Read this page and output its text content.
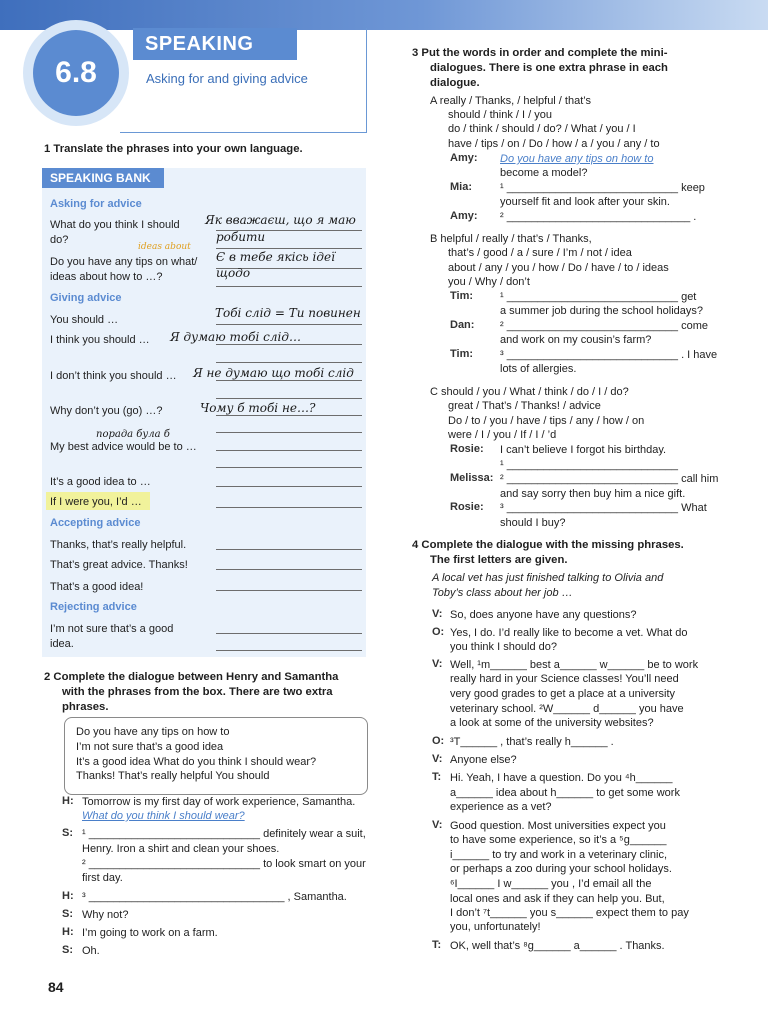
6.8
SPEAKING
Asking for and giving advice
1 Translate the phrases into your own language.
SPEAKING BANK
Asking for advice
What do you think I should
do?
Do you have any tips on what/
ideas about how to …?
Giving advice
You should …
I think you should …
I don’t think you should …
Why don’t you (go) …?
My best advice would be to …
It’s a good idea to …
If I were you, I’d …
Accepting advice
Thanks, that’s really helpful.
That’s great advice. Thanks!
That’s a good idea!
Rejecting advice
I’m not sure that’s a good
idea.
Як вважаєш, що я маю
робити
Є в тебе якісь ідеї
щодо
Тобі слід = Ти повинен
Я думаю тобі слід…
Я не думаю що тобі слід
Чому б тобі не…?
порада була б
ideas about
2 Complete the dialogue between Henry and Samantha
with the phrases from the box. There are two extra
phrases.
Do you have any tips on how to
I’m not sure that’s a good idea
It’s a good idea What do you think I should wear?
Thanks! That’s really helpful You should
H: Tomorrow is my first day of work experience, Samantha.
What do you think I should wear?
S: ¹ ____________________________ definitely wear a suit,
Henry. Iron a shirt and clean your shoes.
² ____________________________ to look smart on your
first day.
H: ³ ________________________________ , Samantha.
S: Why not?
H: I’m going to work on a farm.
S: Oh.
84
3 Put the words in order and complete the mini-
dialogues. There is one extra phrase in each
dialogue.
A really / Thanks, / helpful / that’s
should / think / I / you
do / think / should / do? / What / you / I
have / tips / on / Do / how / a / you / any / to
Amy: Do you have any tips on how to
become a model?
Mia:	¹ ____________________________ keep
yourself fit and look after your skin.
Amy: ² ______________________________ .
B helpful / really / that’s / Thanks,
that’s / good / a / sure / I’m / not / idea
about / any / you / how / Do / have / to / ideas
you / Why / don’t
Tim: ¹ ____________________________ get
a summer job during the school holidays?
Dan: ² ____________________________ come
and work on my cousin’s farm?
Tim: ³ ____________________________ . I have
lots of allergies.
C should / you / What / think / do / I / do?
great / That’s / Thanks! / advice
Do / to / you / have / tips / any / how / on
were / I / you / If / I / ’d
Rosie: I can’t believe I forgot his birthday.
¹ ____________________________
Melissa: ² ____________________________ call him
and say sorry then buy him a nice gift.
Rosie: ³ ____________________________ What
should I buy?
4 Complete the dialogue with the missing phrases.
The first letters are given.
A local vet has just finished talking to Olivia and
Toby’s class about her job …
V: So, does anyone have any questions?
O: Yes, I do. I’d really like to become a vet. What do
you think I should do?
V: Well, ¹m______ best a______ w______ be to work
really hard in your Science classes! You’ll need
very good grades to get a place at a university
veterinary school. ²W______ d______ you have
a look at some of the university websites?
O: ³T______ , that’s really h______ .
V: Anyone else?
T: Hi. Yeah, I have a question. Do you ⁴h______
a______ idea about h______ to get some work
experience as a vet?
V: Good question. Most universities expect you
to have some experience, so it’s a ⁵g______
i______ to try and work in a veterinary clinic,
or perhaps a zoo during your school holidays.
⁶I______ I w______ you , I’d email all the
local ones and ask if they can help you. But,
I don’t ⁷t______ you s______ expect them to pay
you, unfortunately!
T: OK, well that’s ⁸g______ a______ . Thanks.
